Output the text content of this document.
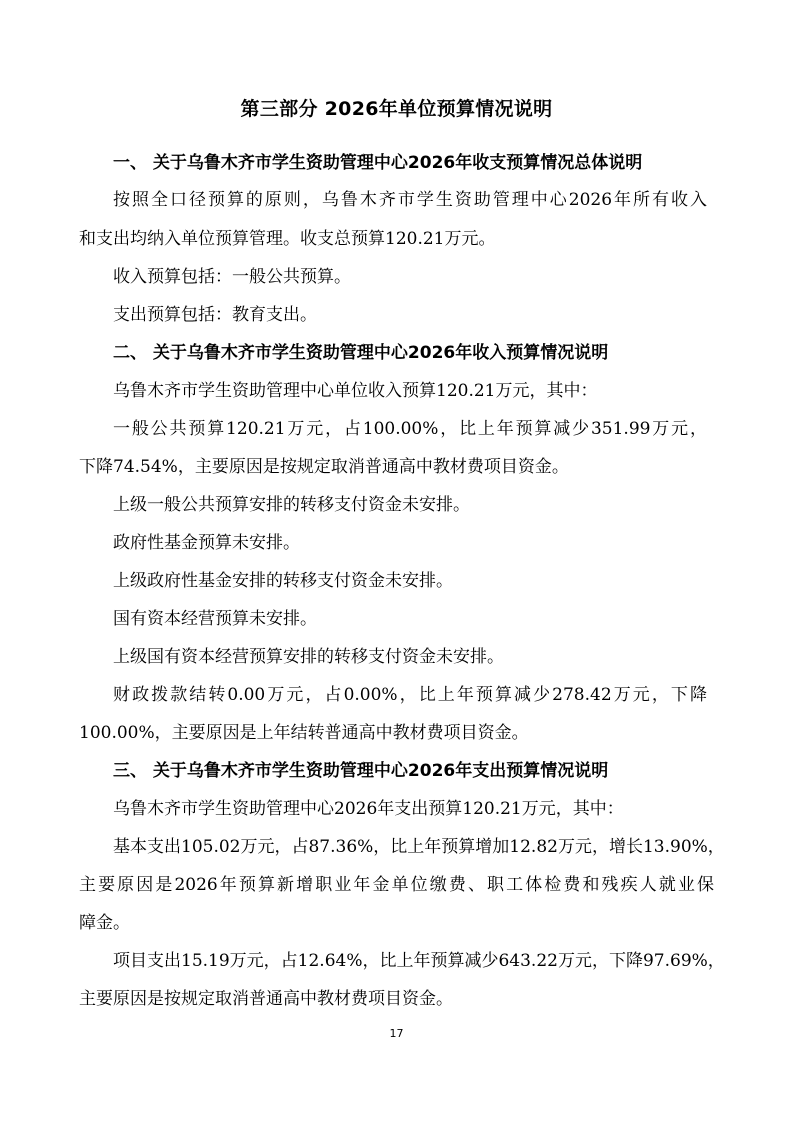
第三部分 2026年单位预算情况说明
一、 关于乌鲁木齐市学生资助管理中心2026年收支预算情况总体说明
按照全口径预算的原则，乌鲁木齐市学生资助管理中心2026年所有收入
和支出均纳入单位预算管理。收支总预算120.21万元。
收入预算包括：一般公共预算。
支出预算包括：教育支出。
二、 关于乌鲁木齐市学生资助管理中心2026年收入预算情况说明
乌鲁木齐市学生资助管理中心单位收入预算120.21万元，其中：
一般公共预算120.21万元，占100.00%，比上年预算减少351.99万元，
下降74.54%，主要原因是按规定取消普通高中教材费项目资金。
上级一般公共预算安排的转移支付资金未安排。
政府性基金预算未安排。
上级政府性基金安排的转移支付资金未安排。
国有资本经营预算未安排。
上级国有资本经营预算安排的转移支付资金未安排。
财政拨款结转0.00万元，占0.00%，比上年预算减少278.42万元，下降
100.00%，主要原因是上年结转普通高中教材费项目资金。
三、 关于乌鲁木齐市学生资助管理中心2026年支出预算情况说明
乌鲁木齐市学生资助管理中心2026年支出预算120.21万元，其中：
基本支出105.02万元，占87.36%，比上年预算增加12.82万元，增长13.90%，
主要原因是2026年预算新增职业年金单位缴费、职工体检费和残疾人就业保
障金。
项目支出15.19万元，占12.64%，比上年预算减少643.22万元，下降97.69%，
主要原因是按规定取消普通高中教材费项目资金。
17
